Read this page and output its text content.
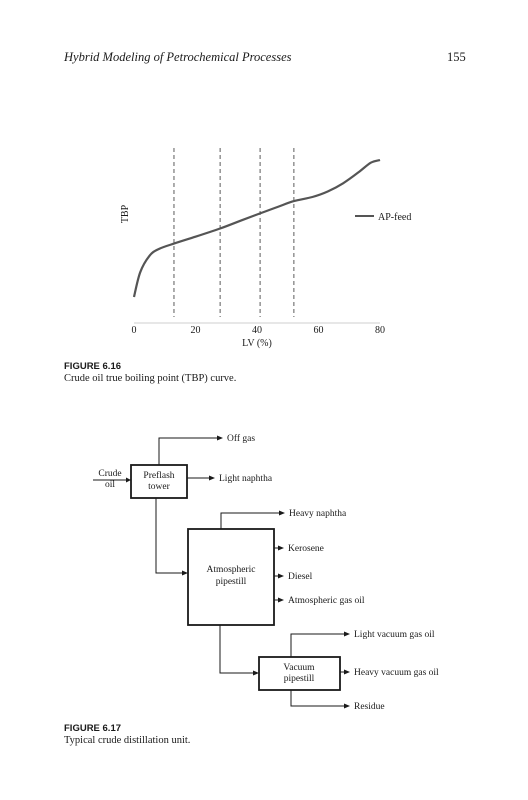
Hybrid Modeling of Petrochemical Processes	155
0	20	40	60	80
TBP
LV (%)
AP-feed
Crude
oil
Preflash
tower
Off gas
Light naphtha
Atmospheric
pipestill
Heavy naphtha
Kerosene
Diesel
Atmospheric gas oil
Vacuum
pipestill
Light vacuum gas oil
Heavy vacuum gas oil
Residue
FIGURE 6.16
Crude oil true boiling point (TBP) curve.
FIGURE 6.17
Typical crude distillation unit.
